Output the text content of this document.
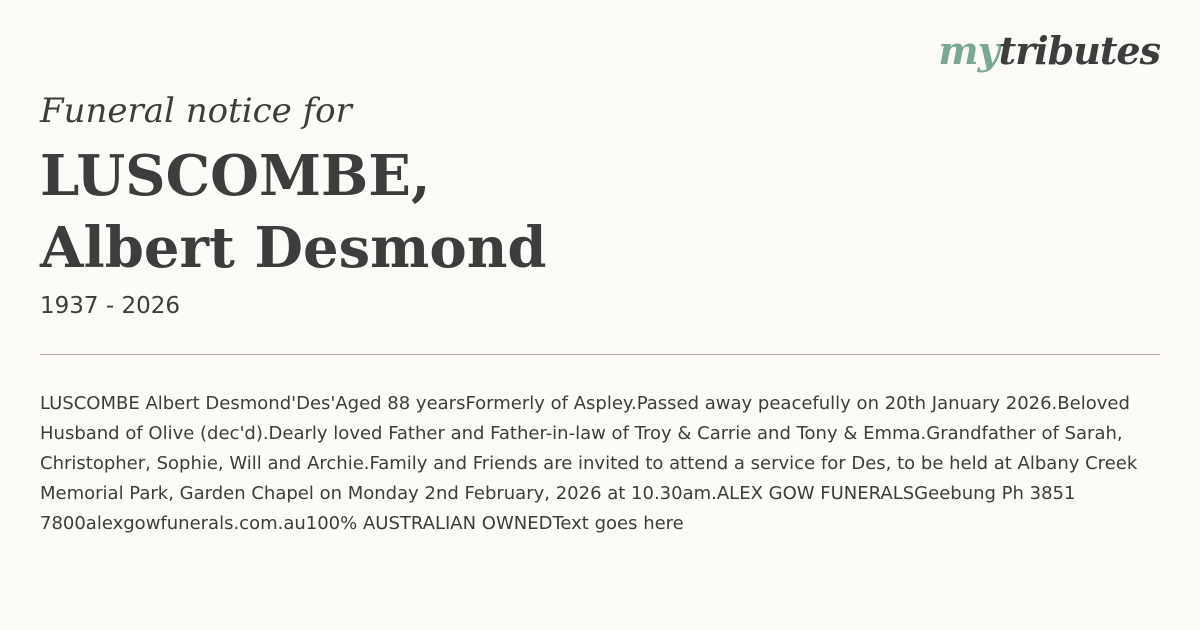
mytributes

Funeral notice for

LUSCOMBE,
Albert Desmond
1937 - 2026

LUSCOMBE Albert Desmond'Des'Aged 88 yearsFormerly of Aspley.Passed away peacefully on 20th January 2026.Beloved Husband of Olive (dec'd).Dearly loved Father and Father-in-law of Troy & Carrie and Tony & Emma.Grandfather of Sarah, Christopher, Sophie, Will and Archie.Family and Friends are invited to attend a service for Des, to be held at Albany Creek Memorial Park, Garden Chapel on Monday 2nd February, 2026 at 10.30am.ALEX GOW FUNERALSGeebung Ph 3851 7800alexgowfunerals.com.au100% AUSTRALIAN OWNEDText goes here
